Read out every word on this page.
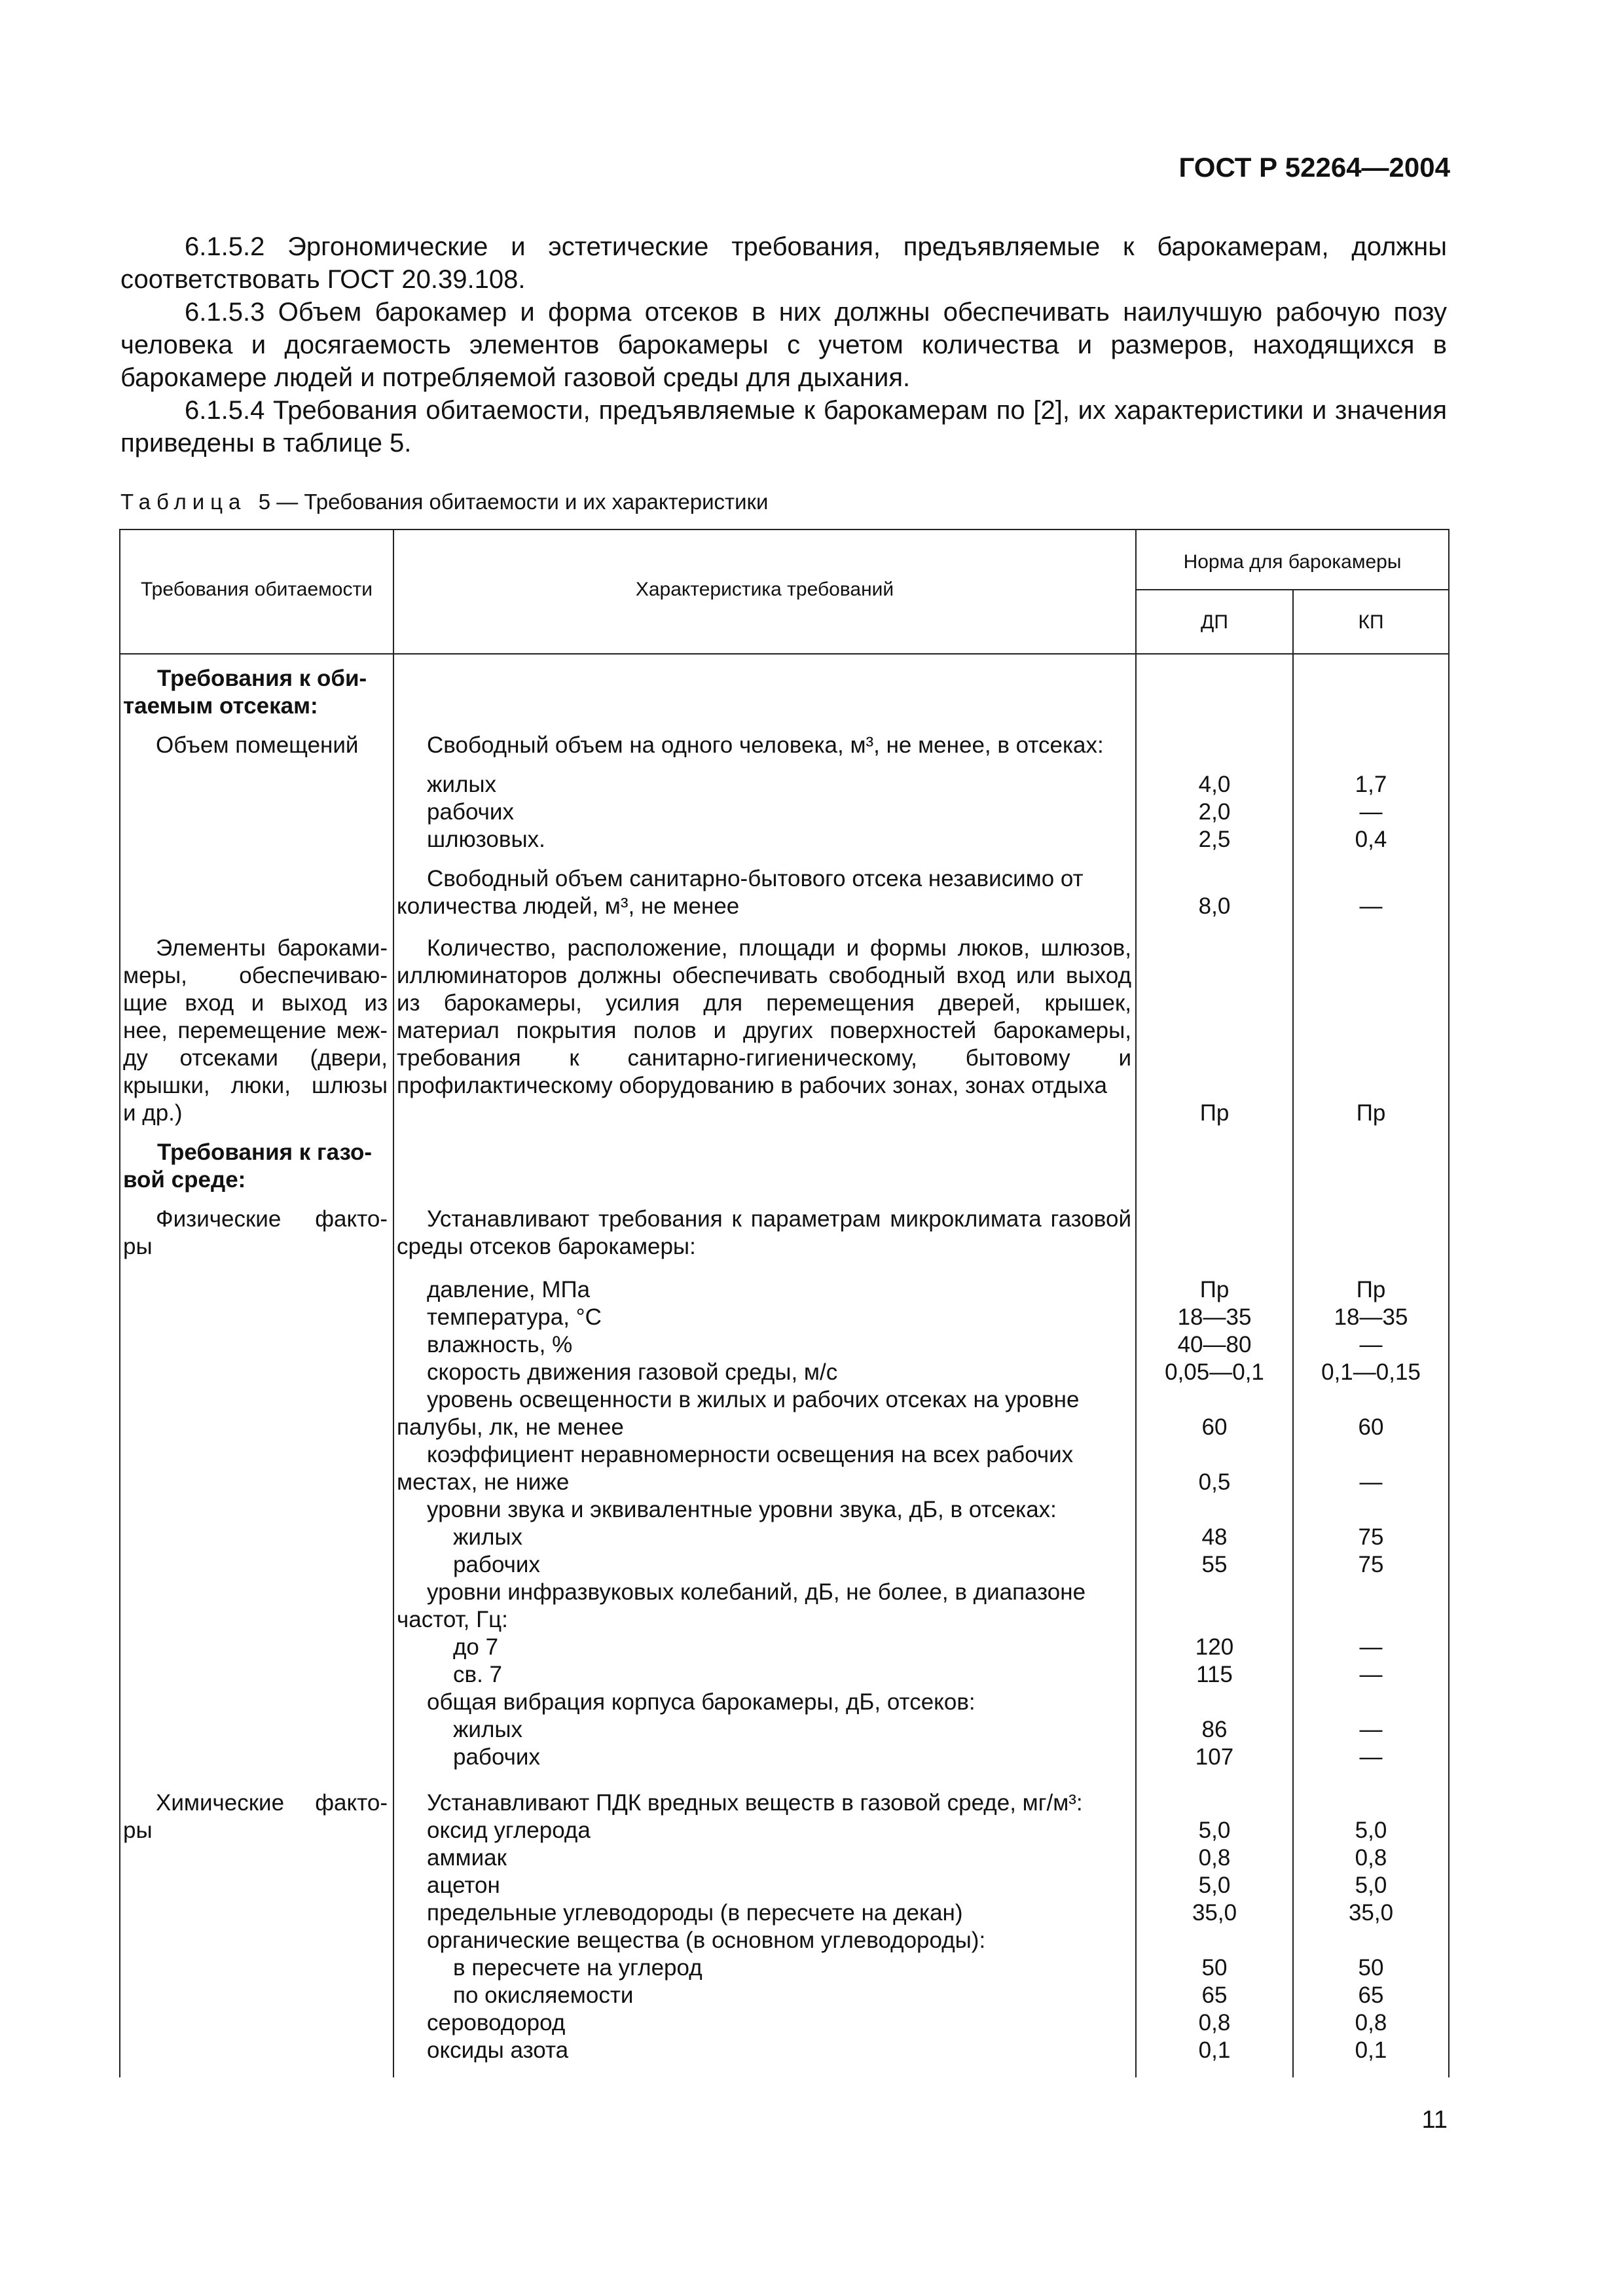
ГОСТ Р 52264—2004

6.1.5.2 Эргономические и эстетические требования, предъявляемые к барокамерам, должны соответствовать ГОСТ 20.39.108.

6.1.5.3 Объем барокамер и форма отсеков в них должны обеспечивать наилучшую рабочую позу человека и досягаемость элементов барокамеры с учетом количества и размеров, находящихся в барокамере людей и потребляемой газовой среды для дыхания.

6.1.5.4 Требования обитаемости, предъявляемые к барокамерам по [2], их характеристики и значения приведены в таблице 5.

Таблица 5 — Требования обитаемости и их характеристики
Требования обитаемости	Характеристика требований
Норма для барокамеры
ДП	КП
Требования к оби-
таемым отсекам:
Объем помещений
Элементы бароками-
меры, обеспечиваю-
щие вход и выход из
нее, перемещение меж-
ду отсеками (двери,
крышки, люки, шлюзы
и др.)
Требования к газо-
вой среде:
Физические факто-
ры
Химические факто-
ры
Свободный объем на одного человека, м³, не менее, в отсеках:
жилых
рабочих
шлюзовых.
Свободный объем санитарно-бытового отсека независимо от
количества людей, м³, не менее
Количество, расположение, площади и формы люков, шлюзов, иллюминаторов должны обеспечивать свободный вход или выход из барокамеры, усилия для перемещения дверей, крышек, материал покрытия полов и других поверхностей барокамеры, требования к санитарно-гигиеническому, бытовому и профилактическому оборудованию в рабочих зонах, зонах отдыха
Устанавливают требования к параметрам микроклимата газовой среды отсеков барокамеры:
давление, МПа
температура, °С
влажность, %
скорость движения газовой среды, м/с
уровень освещенности в жилых и рабочих отсеках на уровне
палубы, лк, не менее
коэффициент неравномерности освещения на всех рабочих
местах, не ниже
уровни звука и эквивалентные уровни звука, дБ, в отсеках:
жилых
рабочих
уровни инфразвуковых колебаний, дБ, не более, в диапазоне
частот, Гц:
до 7
св. 7
общая вибрация корпуса барокамеры, дБ, отсеков:
жилых
рабочих
Устанавливают ПДК вредных веществ в газовой среде, мг/м³:
оксид углерода
аммиак
ацетон
предельные углеводороды (в пересчете на декан)
органические вещества (в основном углеводороды):
в пересчете на углерод
по окисляемости
сероводород
оксиды азота
4,0
2,0
2,5
8,0
Пр
Пр
18—35
40—80
0,05—0,1
60
0,5
48
55
120
115
86
107
5,0
0,8
5,0
35,0
50
65
0,8
0,1
1,7
—
0,4
—
Пр
Пр
18—35
—
0,1—0,15
60
—
75
75
—
—
—
—
5,0
0,8
5,0
35,0
50
65
0,8
0,1
11
